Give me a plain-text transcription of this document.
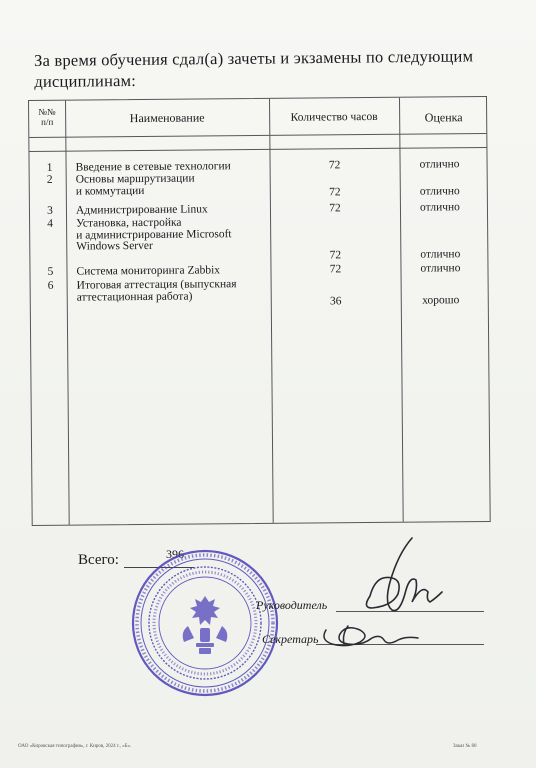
За время обучения сдал(а) зачеты и экзамены по следующим
дисциплинам:
№№
п/п	Наименование	Количество часов	Оценка
1	Введение в сетевые технологии	72	отлично
2	Основы маршрутизации
и коммутации	72	отлично
3	Администрирование Linux	72	отлично
4	Установка, настройка
и администрирование Microsoft
Windows Server
72	отлично
5	Система мониторинга Zabbix	72	отлично
6	Итоговая аттестация (выпускная
аттестационная работа)	36	хорошо
Всего:	396
Руководитель
Секретарь
ОАО «Кировская типография», г. Киров, 2024 г., «Б».	Заказ № 80
